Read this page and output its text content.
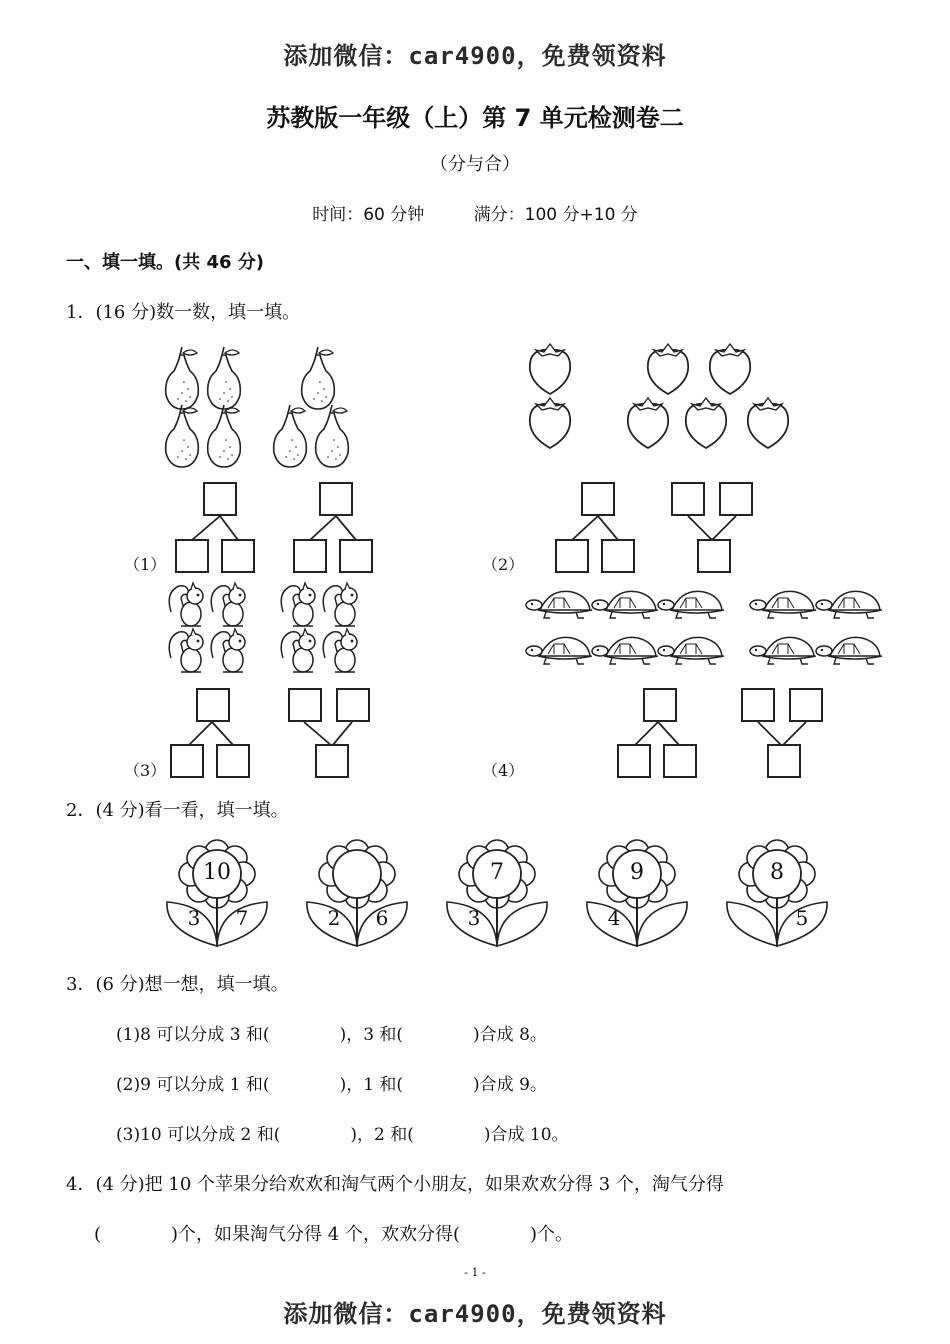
添加微信：car4900，免费领资料
添加微信：car4900，免费领资料
苏教版一年级（上）第 7 单元检测卷二
（分与合）
时间：60 分钟	满分：100 分+10 分
一、填一填。(共 46 分)
1．(16 分)数一数，填一填。
（1）	（2）
（3）	（4）
2．(4 分)看一看，填一填。
10
3	7	2	6
7
3
9
4
8
5
3．(6 分)想一想，填一填。
(1)8 可以分成 3 和(	)，3 和(	)合成 8。
(2)9 可以分成 1 和(	)，1 和(	)合成 9。
(3)10 可以分成 2 和(	)，2 和(	)合成 10。
4．(4 分)把 10 个苹果分给欢欢和淘气两个小朋友，如果欢欢分得 3 个，淘气分得
(	)个，如果淘气分得 4 个，欢欢分得(	)个。
- 1 -
